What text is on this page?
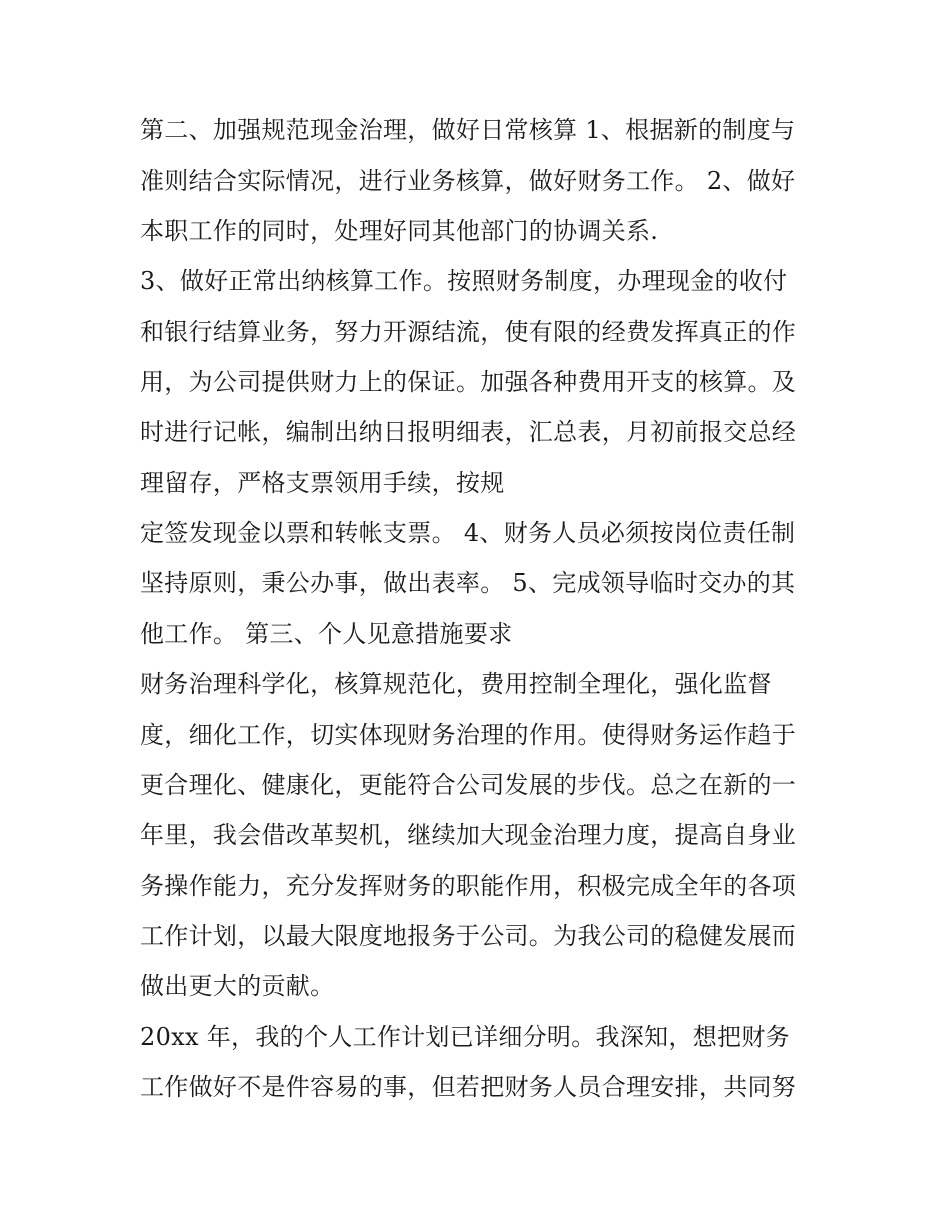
第二、加强规范现金治理，做好日常核算 1、根据新的制度与
准则结合实际情况，进行业务核算，做好财务工作。 2、做好
本职工作的同时，处理好同其他部门的协调关系.
3、做好正常出纳核算工作。按照财务制度，办理现金的收付
和银行结算业务，努力开源结流，使有限的经费发挥真正的作
用，为公司提供财力上的保证。加强各种费用开支的核算。及
时进行记帐，编制出纳日报明细表，汇总表，月初前报交总经
理留存，严格支票领用手续，按规
定签发现金以票和转帐支票。 4、财务人员必须按岗位责任制
坚持原则，秉公办事，做出表率。 5、完成领导临时交办的其
他工作。 第三、个人见意措施要求
财务治理科学化，核算规范化，费用控制全理化，强化监督
度，细化工作，切实体现财务治理的作用。使得财务运作趋于
更合理化、健康化，更能符合公司发展的步伐。总之在新的一
年里，我会借改革契机，继续加大现金治理力度，提高自身业
务操作能力，充分发挥财务的职能作用，积极完成全年的各项
工作计划，以最大限度地报务于公司。为我公司的稳健发展而
做出更大的贡献。
20xx 年，我的个人工作计划已详细分明。我深知，想把财务
工作做好不是件容易的事，但若把财务人员合理安排，共同努
